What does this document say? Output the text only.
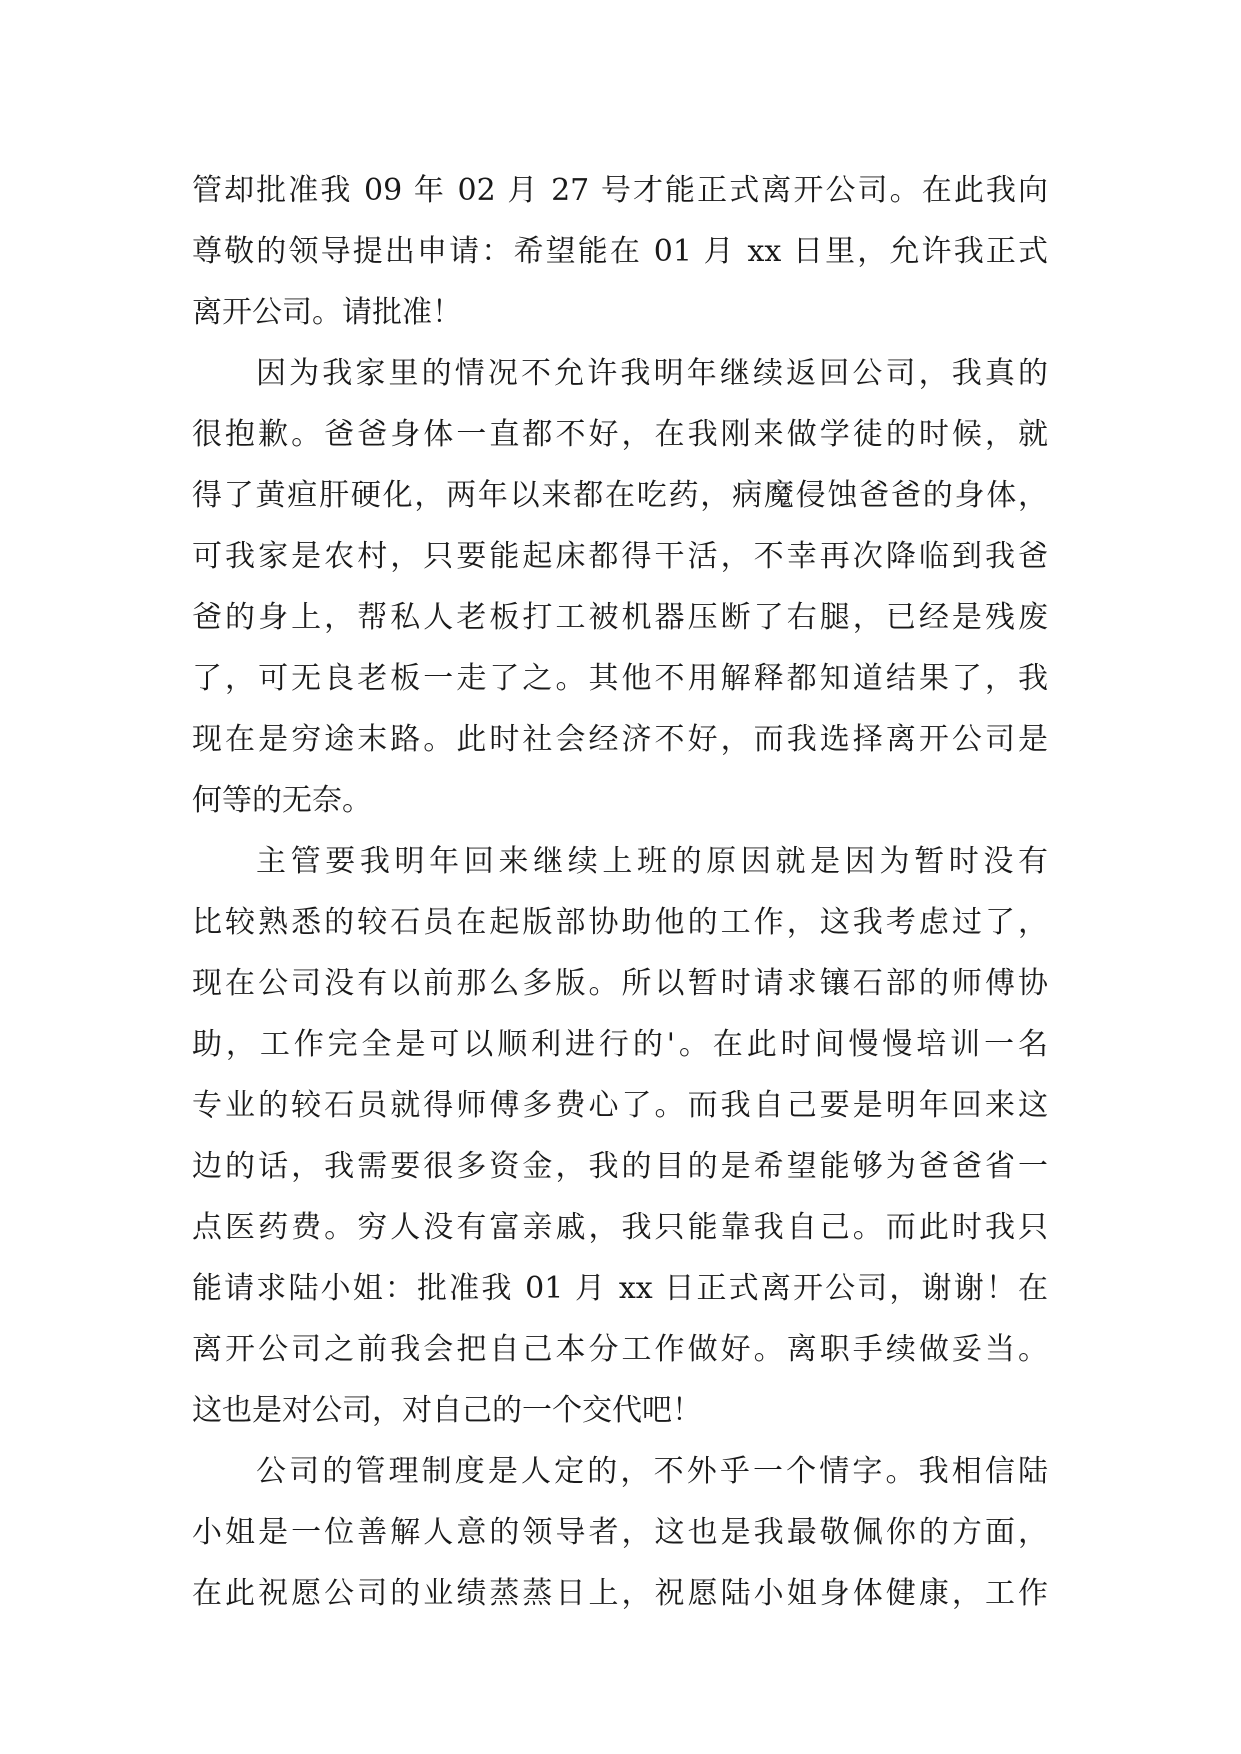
管却批准我 09 年 02 月 27 号才能正式离开公司。在此我向
尊敬的领导提出申请：希望能在 01 月 xx 日里，允许我正式
离开公司。请批准！
因为我家里的情况不允许我明年继续返回公司，我真的
很抱歉。爸爸身体一直都不好，在我刚来做学徒的时候，就
得了黄疸肝硬化，两年以来都在吃药，病魔侵蚀爸爸的身体，
可我家是农村，只要能起床都得干活，不幸再次降临到我爸
爸的身上，帮私人老板打工被机器压断了右腿，已经是残废
了，可无良老板一走了之。其他不用解释都知道结果了，我
现在是穷途末路。此时社会经济不好，而我选择离开公司是
何等的无奈。
主管要我明年回来继续上班的原因就是因为暂时没有
比较熟悉的较石员在起版部协助他的工作，这我考虑过了，
现在公司没有以前那么多版。所以暂时请求镶石部的师傅协
助，工作完全是可以顺利进行的'。在此时间慢慢培训一名
专业的较石员就得师傅多费心了。而我自己要是明年回来这
边的话，我需要很多资金，我的目的是希望能够为爸爸省一
点医药费。穷人没有富亲戚，我只能靠我自己。而此时我只
能请求陆小姐：批准我 01 月 xx 日正式离开公司，谢谢！在
离开公司之前我会把自己本分工作做好。离职手续做妥当。
这也是对公司，对自己的一个交代吧！
公司的管理制度是人定的，不外乎一个情字。我相信陆
小姐是一位善解人意的领导者，这也是我最敬佩你的方面，
在此祝愿公司的业绩蒸蒸日上，祝愿陆小姐身体健康，工作
